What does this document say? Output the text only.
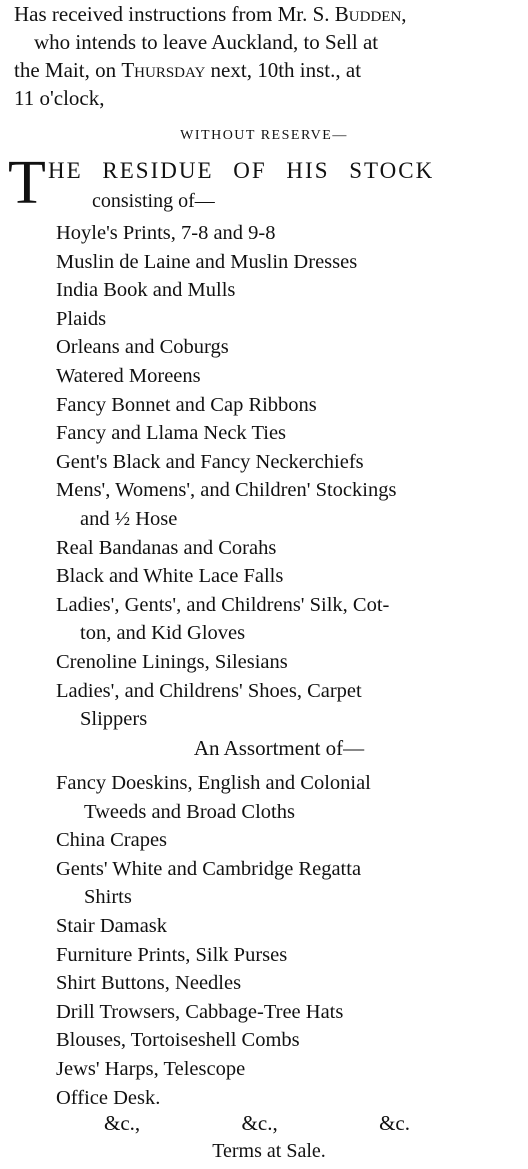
Has received instructions from Mr. S. Budden,
who intends to leave Auckland, to Sell at
the Mait, on Thursday next, 10th inst., at
11 o'clock,
WITHOUT RESERVE—
T HE RESIDUE OF HIS STOCK
consisting of—
Hoyle's Prints, 7-8 and 9-8
Muslin de Laine and Muslin Dresses
India Book and Mulls
Plaids
Orleans and Coburgs
Watered Moreens
Fancy Bonnet and Cap Ribbons
Fancy and Llama Neck Ties
Gent's Black and Fancy Neckerchiefs
Mens', Womens', and Children' Stockings
and ½ Hose
Real Bandanas and Corahs
Black and White Lace Falls
Ladies', Gents', and Childrens' Silk, Cot-
ton, and Kid Gloves
Crenoline Linings, Silesians
Ladies', and Childrens' Shoes, Carpet
Slippers
An Assortment of—
Fancy Doeskins, English and Colonial
Tweeds and Broad Cloths
China Crapes
Gents' White and Cambridge Regatta
Shirts
Stair Damask
Furniture Prints, Silk Purses
Shirt Buttons, Needles
Drill Trowsers, Cabbage-Tree Hats
Blouses, Tortoiseshell Combs
Jews' Harps, Telescope
Office Desk.
&c.,	&c.,	&c.
Terms at Sale.
